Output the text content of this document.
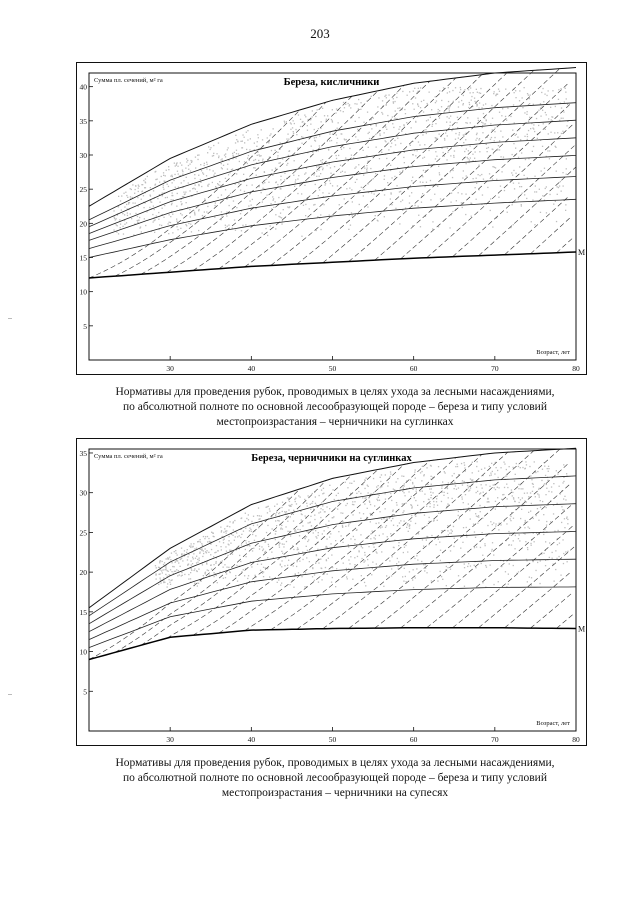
203
M
5
10
15
20
25
30
35
40
30	40	50	60	70	80
Береза, кисличники
Сумма пл. сечений, м² га
Возраст, лет
Нормативы для проведения рубок, проводимых в целях ухода за лесными насаждениями,
по абсолютной полноте по основной лесообразующей породе – береза и типу условий
местопроизрастания – черничники на суглинках
M
5
10
15
20
25
30
35
30	40	50	60	70	80
Береза, черничники на суглинках
Сумма пл. сечений, м² га
Возраст, лет
Нормативы для проведения рубок, проводимых в целях ухода за лесными насаждениями,
по абсолютной полноте по основной лесообразующей породе – береза и типу условий
местопроизрастания – черничники на супесях
